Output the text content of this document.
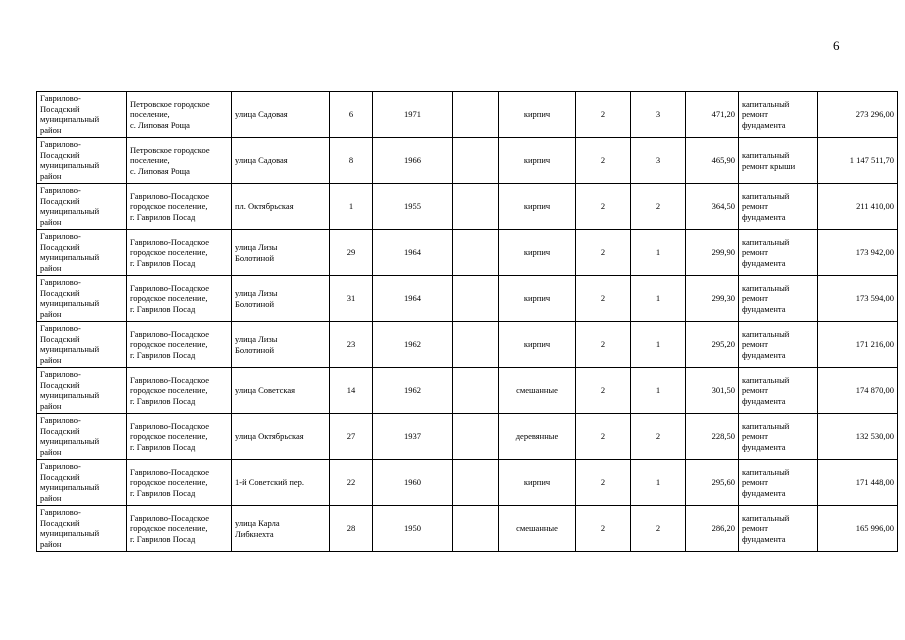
6
Гаврилово-
Посадский
муниципальный
район	Петровское городское
поселение,
с. Липовая Роща	улица Садовая	6	1971		кирпич	2	3	471,20	капитальный
ремонт
фундамента	273 296,00

Гаврилово-
Посадский
муниципальный
район	Петровское городское
поселение,
с. Липовая Роща	улица Садовая	8	1966		кирпич	2	3	465,90	капитальный
ремонт крыши	1 147 511,70

Гаврилово-
Посадский
муниципальный
район	Гаврилово-Посадское
городское поселение,
г. Гаврилов Посад	пл. Октябрьская	1	1955		кирпич	2	2	364,50	капитальный
ремонт
фундамента	211 410,00

Гаврилово-
Посадский
муниципальный
район	Гаврилово-Посадское
городское поселение,
г. Гаврилов Посад	улица Лизы
Болотиной	29	1964		кирпич	2	1	299,90	капитальный
ремонт
фундамента	173 942,00

Гаврилово-
Посадский
муниципальный
район	Гаврилово-Посадское
городское поселение,
г. Гаврилов Посад	улица Лизы
Болотиной	31	1964		кирпич	2	1	299,30	капитальный
ремонт
фундамента	173 594,00

Гаврилово-
Посадский
муниципальный
район	Гаврилово-Посадское
городское поселение,
г. Гаврилов Посад	улица Лизы
Болотиной	23	1962		кирпич	2	1	295,20	капитальный
ремонт
фундамента	171 216,00

Гаврилово-
Посадский
муниципальный
район	Гаврилово-Посадское
городское поселение,
г. Гаврилов Посад	улица Советская	14	1962		смешанные	2	1	301,50	капитальный
ремонт
фундамента	174 870,00

Гаврилово-
Посадский
муниципальный
район	Гаврилово-Посадское
городское поселение,
г. Гаврилов Посад	улица Октябрьская	27	1937		деревянные	2	2	228,50	капитальный
ремонт
фундамента	132 530,00

Гаврилово-
Посадский
муниципальный
район	Гаврилово-Посадское
городское поселение,
г. Гаврилов Посад	1-й Советский пер.	22	1960		кирпич	2	1	295,60	капитальный
ремонт
фундамента	171 448,00

Гаврилово-
Посадский
муниципальный
район	Гаврилово-Посадское
городское поселение,
г. Гаврилов Посад	улица Карла
Либкнехта	28	1950		смешанные	2	2	286,20	капитальный
ремонт
фундамента	165 996,00
